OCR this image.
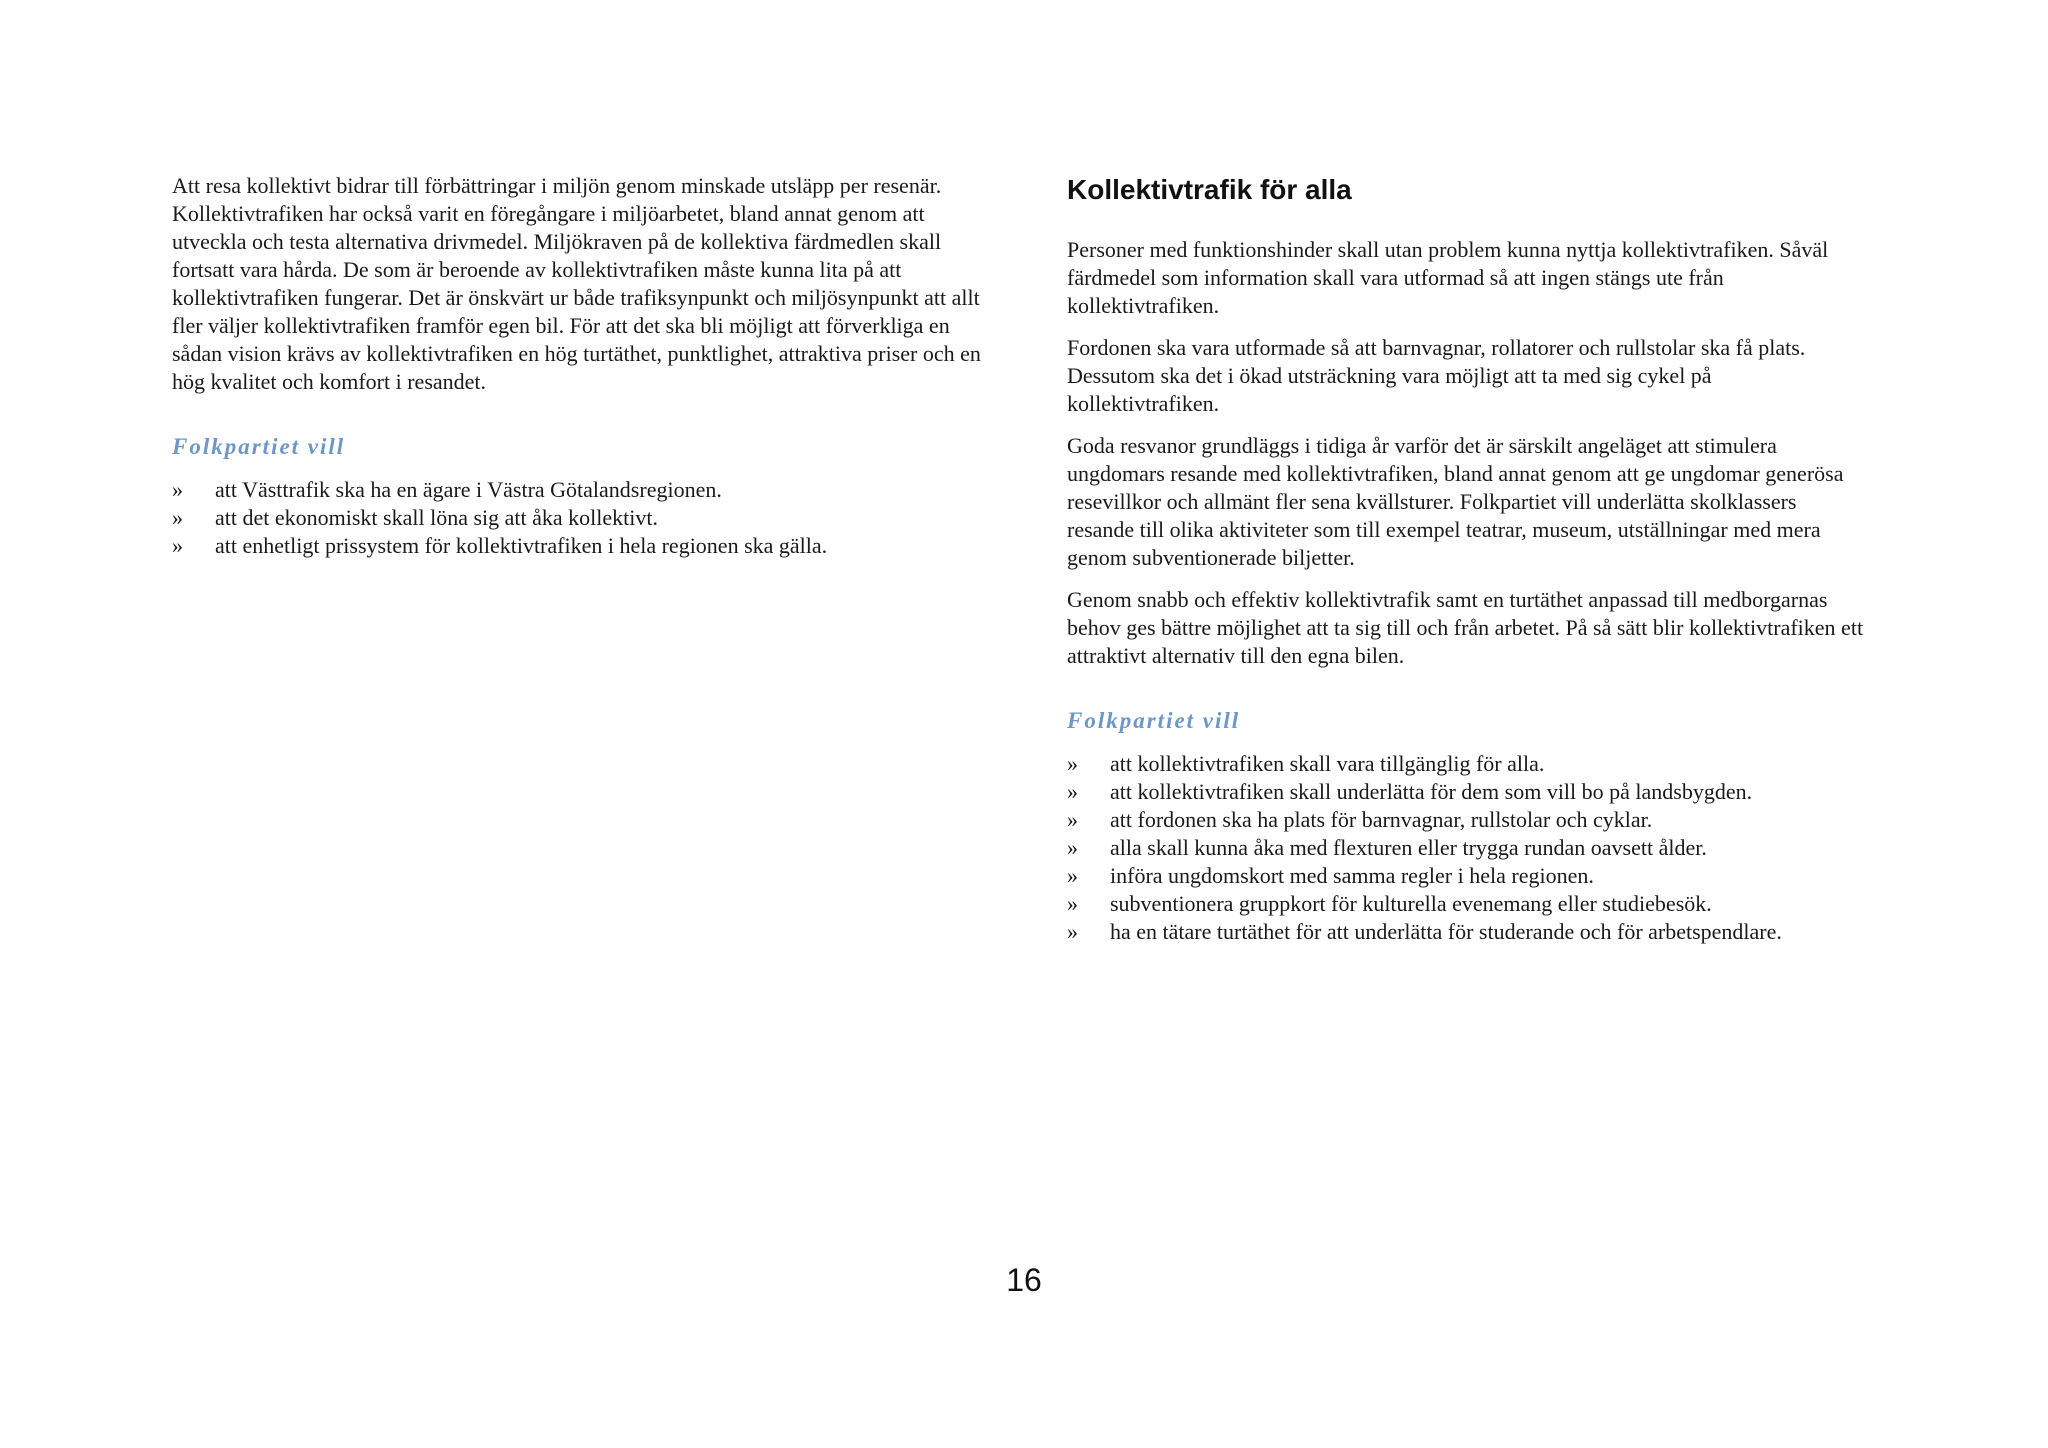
Att resa kollektivt bidrar till förbättringar i miljön genom minskade utsläpp per resenär. Kollektivtrafiken har också varit en föregångare i miljöarbetet, bland annat genom att utveckla och testa alternativa drivmedel. Miljökraven på de kollektiva färdmedlen skall fortsatt vara hårda. De som är beroende av kollektivtrafiken måste kunna lita på att kollektivtrafiken fungerar. Det är önskvärt ur både trafiksynpunkt och miljösynpunkt att allt fler väljer kollektivtrafiken framför egen bil. För att det ska bli möjligt att förverkliga en sådan vision krävs av kollektivtrafiken en hög turtäthet, punktlighet, attraktiva priser och en hög kvalitet och komfort i resandet.

Folkpartiet vill
» att Västtrafik ska ha en ägare i Västra Götalandsregionen.
» att det ekonomiskt skall löna sig att åka kollektivt.
» att enhetligt prissystem för kollektivtrafiken i hela regionen ska gälla.
Kollektivtrafik för alla

Personer med funktionshinder skall utan problem kunna nyttja kollektivtrafiken. Såväl färdmedel som information skall vara utformad så att ingen stängs ute från kollektivtrafiken.

Fordonen ska vara utformade så att barnvagnar, rollatorer och rullstolar ska få plats. Dessutom ska det i ökad utsträckning vara möjligt att ta med sig cykel på kollektivtrafiken.

Goda resvanor grundläggs i tidiga år varför det är särskilt angeläget att stimulera ungdomars resande med kollektivtrafiken, bland annat genom att ge ungdomar generösa resevillkor och allmänt fler sena kvällsturer. Folkpartiet vill underlätta skolklassers resande till olika aktiviteter som till exempel teatrar, museum, utställningar med mera genom subventionerade biljetter.

Genom snabb och effektiv kollektivtrafik samt en turtäthet anpassad till medborgarnas behov ges bättre möjlighet att ta sig till och från arbetet. På så sätt blir kollektivtrafiken ett attraktivt alternativ till den egna bilen.

Folkpartiet vill
» att kollektivtrafiken skall vara tillgänglig för alla.
» att kollektivtrafiken skall underlätta för dem som vill bo på landsbygden.
» att fordonen ska ha plats för barnvagnar, rullstolar och cyklar.
» alla skall kunna åka med flexturen eller trygga rundan oavsett ålder.
» införa ungdomskort med samma regler i hela regionen.
» subventionera gruppkort för kulturella evenemang eller studiebesök.
» ha en tätare turtäthet för att underlätta för studerande och för arbetspendlare.
16
